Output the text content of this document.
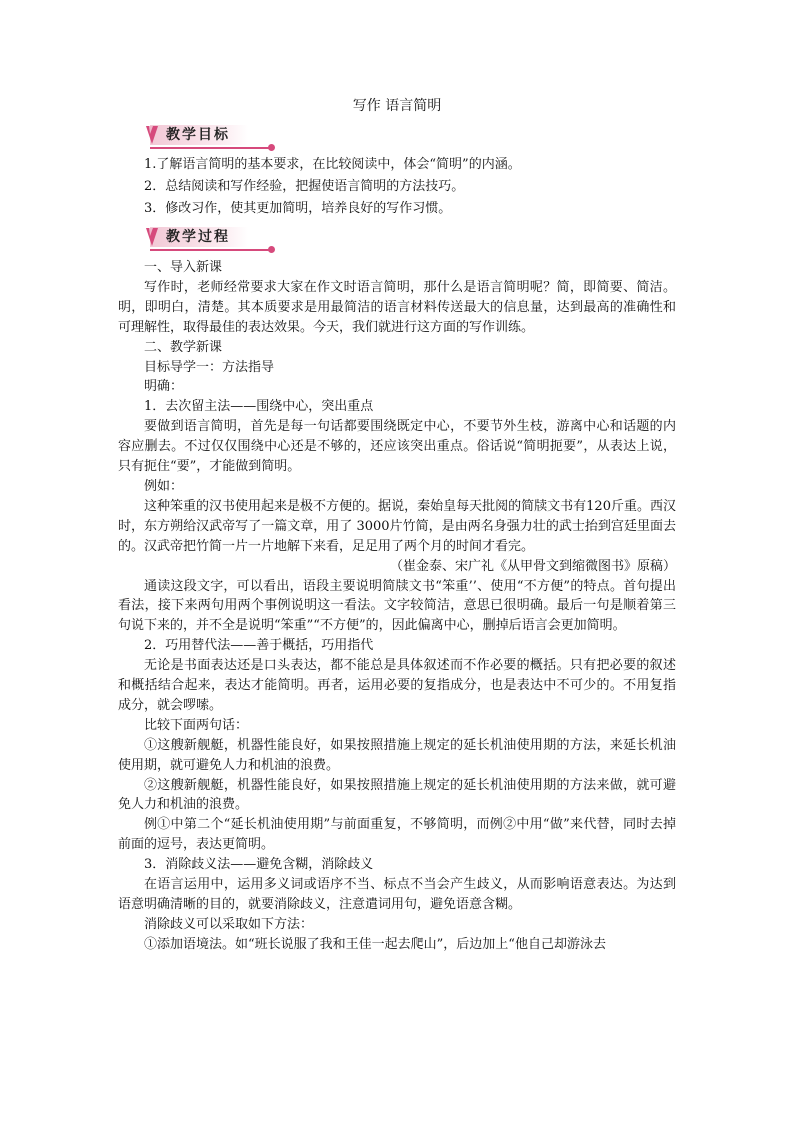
写作 语言简明
教学目标

1.了解语言简明的基本要求，在比较阅读中，体会“简明”的内涵。

2．总结阅读和写作经验，把握使语言简明的方法技巧。

3．修改习作，使其更加简明，培养良好的写作习惯。

教学过程

一、导入新课

写作时，老师经常要求大家在作文时语言简明，那什么是语言简明呢？简，即简要、简洁。明，即明白，清楚。其本质要求是用最简洁的语言材料传送最大的信息量，达到最高的准确性和可理解性，取得最佳的表达效果。今天，我们就进行这方面的写作训练。

二、教学新课

目标导学一：方法指导

明确：

1．去次留主法——围绕中心，突出重点

要做到语言简明，首先是每一句话都要围绕既定中心，不要节外生枝，游离中心和话题的内容应删去。不过仅仅围绕中心还是不够的，还应该突出重点。俗话说“简明扼要”，从表达上说，只有扼住“要”，才能做到简明。

例如：

这种笨重的汉书使用起来是极不方便的。据说，秦始皇每天批阅的简牍文书有120斤重。西汉时，东方朔给汉武帝写了一篇文章，用了 3000片竹简，是由两名身强力壮的武士抬到宫廷里面去的。汉武帝把竹简一片一片地解下来看，足足用了两个月的时间才看完。

（崔金泰、宋广礼《从甲骨文到缩微图书》原稿）

通读这段文字，可以看出，语段主要说明简牍文书“笨重’’、使用“不方便”的特点。首句提出看法，接下来两句用两个事例说明这一看法。文字较简洁，意思已很明确。最后一句是顺着第三句说下来的，并不全是说明“笨重”“不方便”的，因此偏离中心，删掉后语言会更加简明。

2．巧用替代法——善于概括，巧用指代

无论是书面表达还是口头表达，都不能总是具体叙述而不作必要的概括。只有把必要的叙述和概括结合起来，表达才能简明。再者，运用必要的复指成分，也是表达中不可少的。不用复指成分，就会啰嗦。

比较下面两句话：

①这艘新舰艇，机器性能良好，如果按照措施上规定的延长机油使用期的方法，来延长机油使用期，就可避免人力和机油的浪费。

②这艘新舰艇，机器性能良好，如果按照措施上规定的延长机油使用期的方法来做，就可避免人力和机油的浪费。

例①中第二个“延长机油使用期”与前面重复，不够简明，而例②中用“做”来代替，同时去掉前面的逗号，表达更简明。

3．消除歧义法——避免含糊，消除歧义

在语言运用中，运用多义词或语序不当、标点不当会产生歧义，从而影响语意表达。为达到语意明确清晰的目的，就要消除歧义，注意遣词用句，避免语意含糊。

消除歧义可以采取如下方法：

①添加语境法。如“班长说服了我和王佳一起去爬山”，后边加上“他自己却游泳去
